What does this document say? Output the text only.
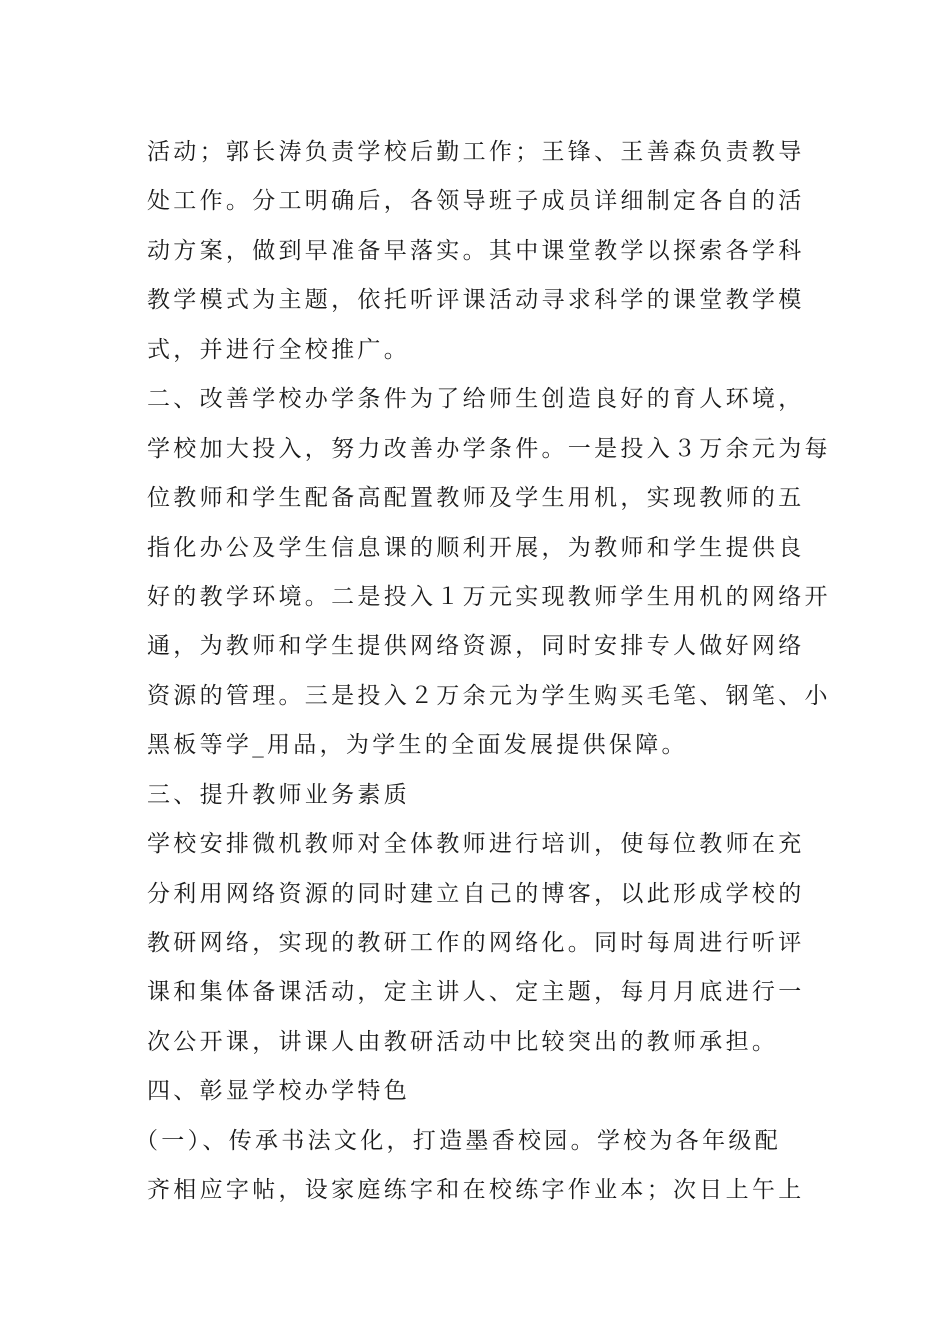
活动；郭长涛负责学校后勤工作；王锋、王善森负责教导
处工作。分工明确后，各领导班子成员详细制定各自的活
动方案，做到早准备早落实。其中课堂教学以探索各学科
教学模式为主题，依托听评课活动寻求科学的课堂教学模
式，并进行全校推广。
二、改善学校办学条件为了给师生创造良好的育人环境，
学校加大投入，努力改善办学条件。一是投入３万余元为每
位教师和学生配备高配置教师及学生用机，实现教师的五
指化办公及学生信息课的顺利开展，为教师和学生提供良
好的教学环境。二是投入１万元实现教师学生用机的网络开
通，为教师和学生提供网络资源，同时安排专人做好网络
资源的管理。三是投入２万余元为学生购买毛笔、钢笔、小
黑板等学_用品，为学生的全面发展提供保障。
三、提升教师业务素质
学校安排微机教师对全体教师进行培训，使每位教师在充
分利用网络资源的同时建立自己的博客，以此形成学校的
教研网络，实现的教研工作的网络化。同时每周进行听评
课和集体备课活动，定主讲人、定主题，每月月底进行一
次公开课，讲课人由教研活动中比较突出的教师承担。
四、彰显学校办学特色
（一）、传承书法文化，打造墨香校园。学校为各年级配
齐相应字帖，设家庭练字和在校练字作业本；次日上午上
